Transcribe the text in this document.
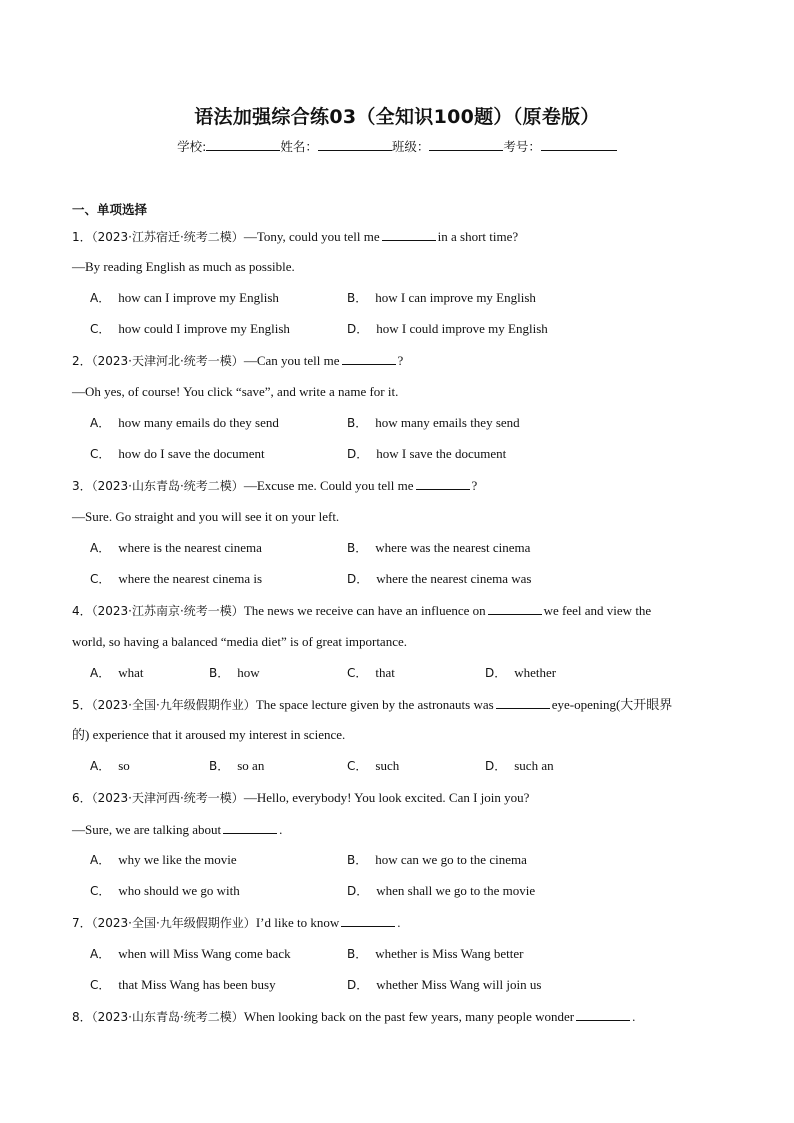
语法加强综合练03（全知识100题）（原卷版）
学校:	姓名：	班级：	考号：
一、单项选择
1．（2023·江苏宿迁·统考二模）—Tony, could you tell me	in a short time?
—By reading English as much as possible.
A． how can I improve my English	B． how I can improve my English
C． how could I improve my English	D． how I could improve my English
2．（2023·天津河北·统考一模）—Can you tell me	?
—Oh yes, of course! You click “save”, and write a name for it.
A． how many emails do they send	B． how many emails they send
C． how do I save the document	D． how I save the document
3．（2023·山东青岛·统考二模）—Excuse me. Could you tell me	?
—Sure. Go straight and you will see it on your left.
A． where is the nearest cinema	B． where was the nearest cinema
C． where the nearest cinema is	D． where the nearest cinema was
4．（2023·江苏南京·统考一模）The news we receive can have an influence on	we feel and view the
world, so having a balanced “media diet” is of great importance.
A． what	B． how	C． that	D． whether
5．（2023·全国·九年级假期作业）The space lecture given by the astronauts was	eye-opening(大开眼界
的) experience that it aroused my interest in science.
A． so	B． so an	C． such	D． such an
6．（2023·天津河西·统考一模）—Hello, everybody! You look excited. Can I join you?
—Sure, we are talking about	.
A． why we like the movie	B． how can we go to the cinema
C． who should we go with	D． when shall we go to the movie
7．（2023·全国·九年级假期作业）I’d like to know	.
A． when will Miss Wang come back	B． whether is Miss Wang better
C． that Miss Wang has been busy	D． whether Miss Wang will join us
8．（2023·山东青岛·统考二模）When looking back on the past few years, many people wonder	.
